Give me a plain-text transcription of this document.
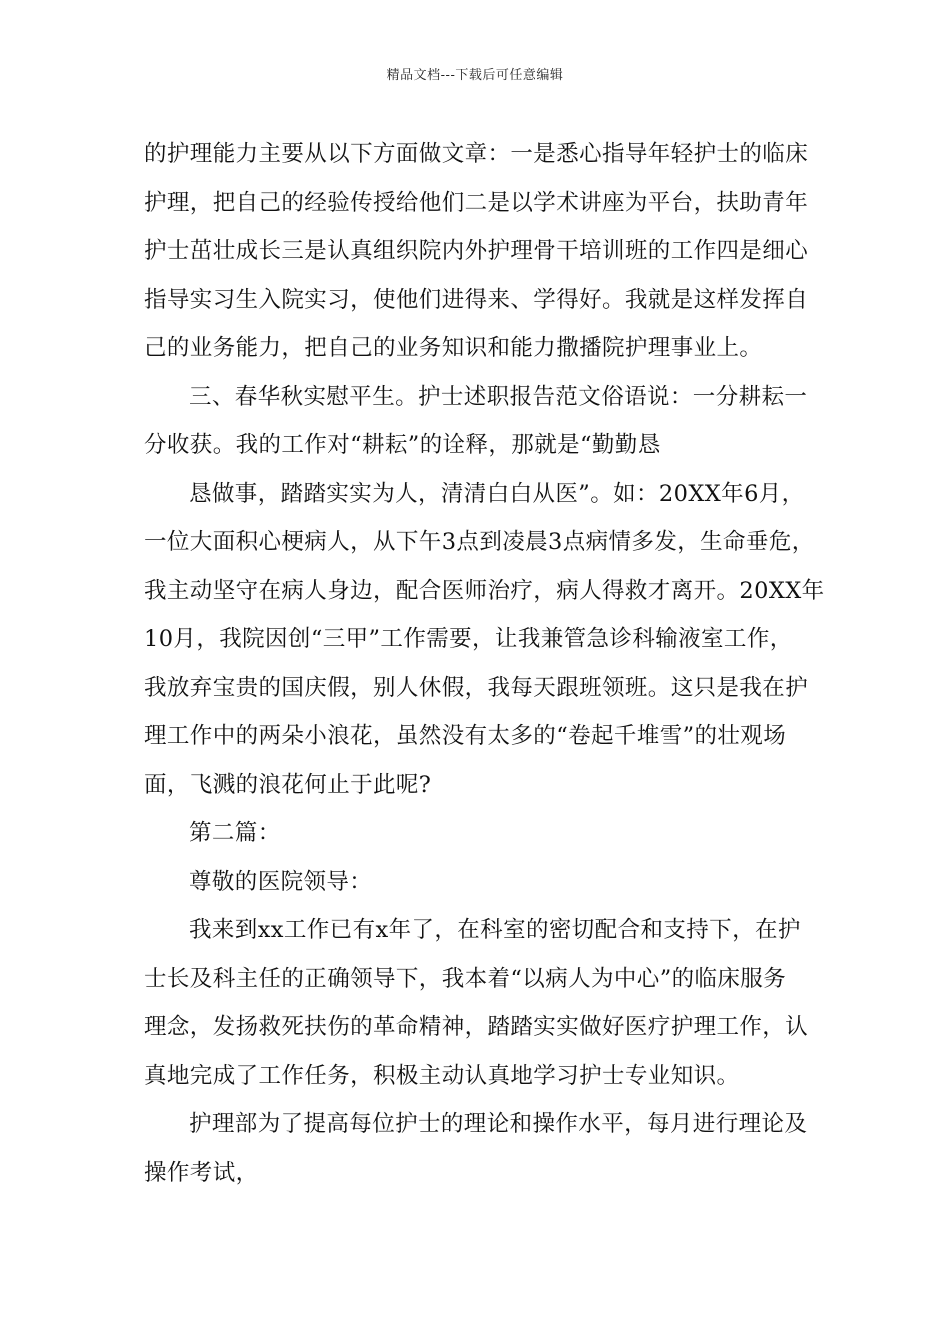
精品文档---下载后可任意编辑
的护理能力主要从以下方面做文章：一是悉心指导年轻护士的临床
护理，把自己的经验传授给他们二是以学术讲座为平台，扶助青年
护士茁壮成长三是认真组织院内外护理骨干培训班的工作四是细心
指导实习生入院实习，使他们进得来、学得好。我就是这样发挥自
己的业务能力，把自己的业务知识和能力撒播院护理事业上。
三、春华秋实慰平生。护士述职报告范文俗语说：一分耕耘一
分收获。我的工作对“耕耘”的诠释，那就是“勤勤恳
恳做事，踏踏实实为人，清清白白从医”。如：20XX年6月，
一位大面积心梗病人，从下午3点到凌晨3点病情多发，生命垂危，
我主动坚守在病人身边，配合医师治疗，病人得救才离开。20XX年
10月，我院因创“三甲”工作需要，让我兼管急诊科输液室工作，
我放弃宝贵的国庆假，别人休假，我每天跟班领班。这只是我在护
理工作中的两朵小浪花，虽然没有太多的“卷起千堆雪”的壮观场
面，飞溅的浪花何止于此呢?
第二篇：
尊敬的医院领导：
我来到xx工作已有x年了，在科室的密切配合和支持下，在护
士长及科主任的正确领导下，我本着“以病人为中心”的临床服务
理念，发扬救死扶伤的革命精神，踏踏实实做好医疗护理工作，认
真地完成了工作任务，积极主动认真地学习护士专业知识。
护理部为了提高每位护士的理论和操作水平，每月进行理论及
操作考试，
